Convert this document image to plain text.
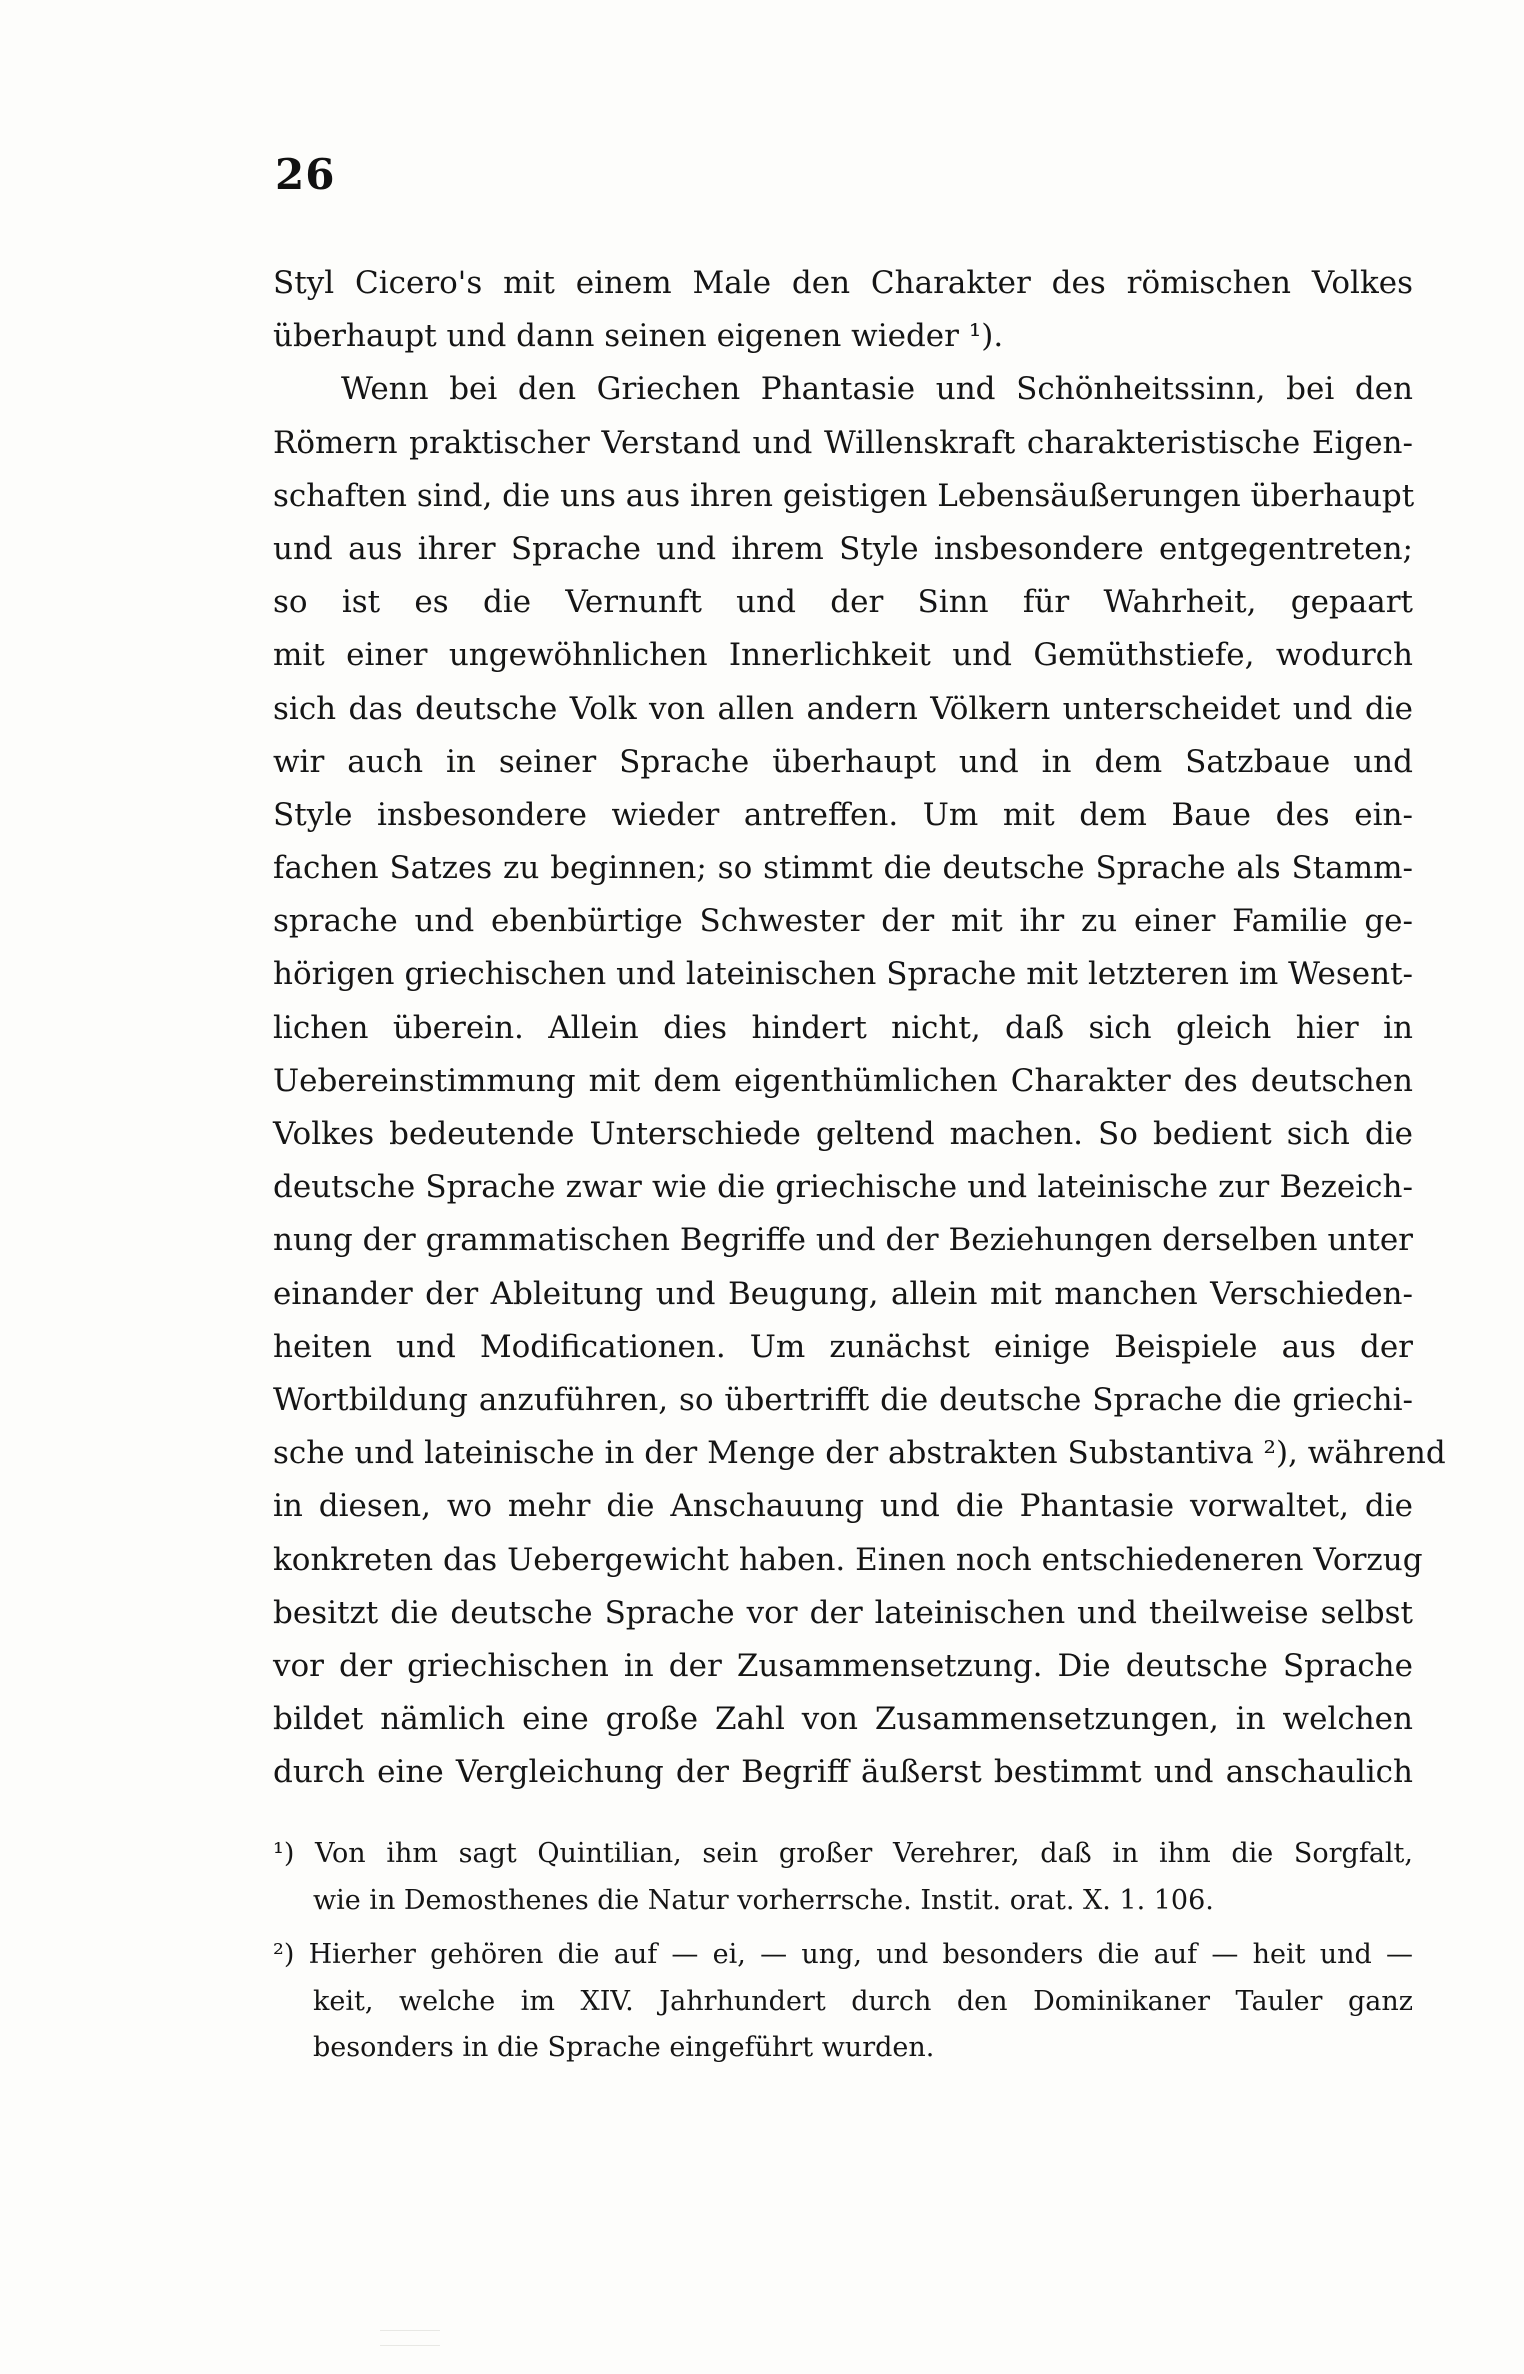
26
Styl Cicero's mit einem Male den Charakter des römischen Volkes
überhaupt und dann seinen eigenen wieder ¹).
Wenn bei den Griechen Phantasie und Schönheitssinn, bei den
Römern praktischer Verstand und Willenskraft charakteristische Eigen-
schaften sind, die uns aus ihren geistigen Lebensäußerungen überhaupt
und aus ihrer Sprache und ihrem Style insbesondere entgegentreten;
so ist es die Vernunft und der Sinn für Wahrheit, gepaart
mit einer ungewöhnlichen Innerlichkeit und Gemüthstiefe, wodurch
sich das deutsche Volk von allen andern Völkern unterscheidet und die
wir auch in seiner Sprache überhaupt und in dem Satzbaue und
Style insbesondere wieder antreffen. Um mit dem Baue des ein-
fachen Satzes zu beginnen; so stimmt die deutsche Sprache als Stamm-
sprache und ebenbürtige Schwester der mit ihr zu einer Familie ge-
hörigen griechischen und lateinischen Sprache mit letzteren im Wesent-
lichen überein. Allein dies hindert nicht, daß sich gleich hier in
Uebereinstimmung mit dem eigenthümlichen Charakter des deutschen
Volkes bedeutende Unterschiede geltend machen. So bedient sich die
deutsche Sprache zwar wie die griechische und lateinische zur Bezeich-
nung der grammatischen Begriffe und der Beziehungen derselben unter
einander der Ableitung und Beugung, allein mit manchen Verschieden-
heiten und Modificationen. Um zunächst einige Beispiele aus der
Wortbildung anzuführen, so übertrifft die deutsche Sprache die griechi-
sche und lateinische in der Menge der abstrakten Substantiva ²), während
in diesen, wo mehr die Anschauung und die Phantasie vorwaltet, die
konkreten das Uebergewicht haben. Einen noch entschiedeneren Vorzug
besitzt die deutsche Sprache vor der lateinischen und theilweise selbst
vor der griechischen in der Zusammensetzung. Die deutsche Sprache
bildet nämlich eine große Zahl von Zusammensetzungen, in welchen
durch eine Vergleichung der Begriff äußerst bestimmt und anschaulich
¹) Von ihm sagt Quintilian, sein großer Verehrer, daß in ihm die Sorgfalt,
wie in Demosthenes die Natur vorherrsche. Instit. orat. X. 1. 106.
²) Hierher gehören die auf — ei, — ung, und besonders die auf — heit und —
keit, welche im XIV. Jahrhundert durch den Dominikaner Tauler ganz
besonders in die Sprache eingeführt wurden.
